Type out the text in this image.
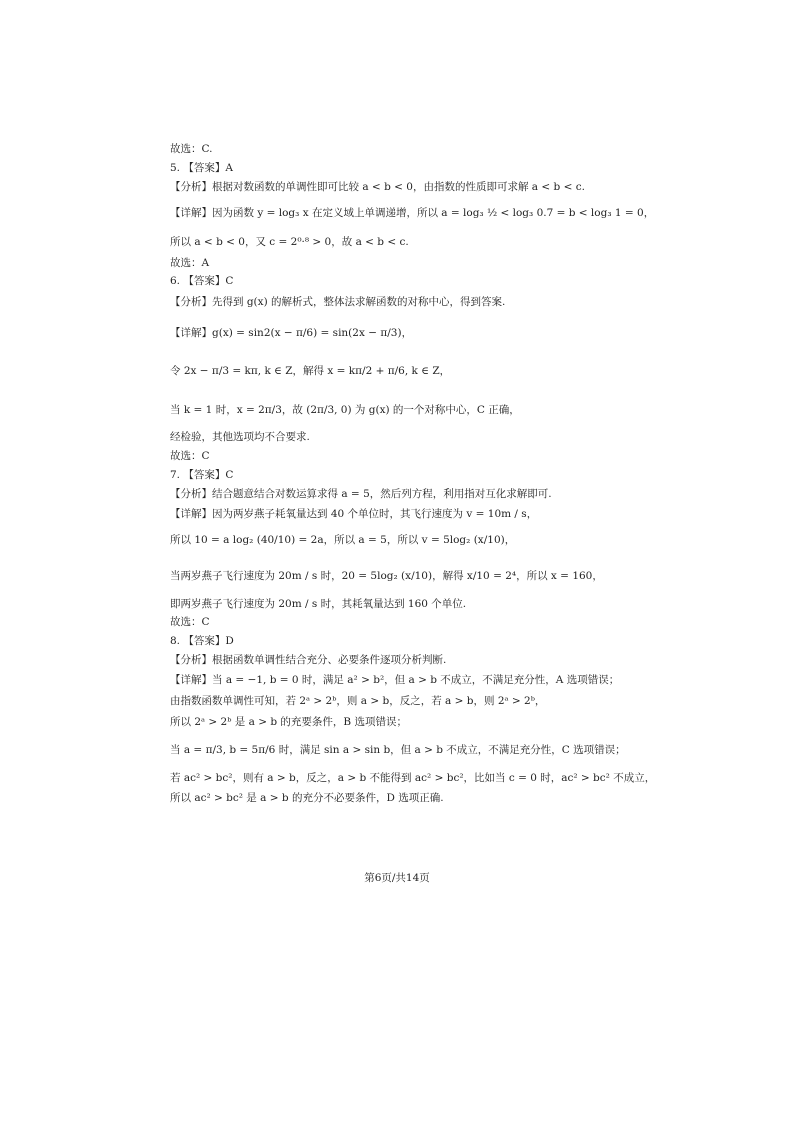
故选：C.
5. 【答案】A
【分析】根据对数函数的单调性即可比较 a < b < 0，由指数的性质即可求解 a < b < c.
【详解】因为函数 y = log₃ x 在定义域上单调递增，所以 a = log₃ ½ < log₃ 0.7 = b < log₃ 1 = 0，
所以 a < b < 0，又 c = 2⁰·⁸ > 0，故 a < b < c.
故选：A
6. 【答案】C
【分析】先得到 g(x) 的解析式，整体法求解函数的对称中心，得到答案.
【详解】g(x) = sin2(x − π/6) = sin(2x − π/3)，
令 2x − π/3 = kπ, k ∈ Z，解得 x = kπ/2 + π/6, k ∈ Z，
当 k = 1 时，x = 2π/3，故 (2π/3, 0) 为 g(x) 的一个对称中心，C 正确，
经检验，其他选项均不合要求.
故选：C
7. 【答案】C
【分析】结合题意结合对数运算求得 a = 5，然后列方程，利用指对互化求解即可.
【详解】因为两岁燕子耗氧量达到 40 个单位时，其飞行速度为 v = 10m / s，
所以 10 = a log₂ (40/10) = 2a，所以 a = 5，所以 v = 5log₂ (x/10)，
当两岁燕子飞行速度为 20m / s 时，20 = 5log₂ (x/10)，解得 x/10 = 2⁴，所以 x = 160，
即两岁燕子飞行速度为 20m / s 时，其耗氧量达到 160 个单位.
故选：C
8. 【答案】D
【分析】根据函数单调性结合充分、必要条件逐项分析判断.
【详解】当 a = −1, b = 0 时，满足 a² > b²，但 a > b 不成立，不满足充分性，A 选项错误；
由指数函数单调性可知，若 2ᵃ > 2ᵇ，则 a > b，反之，若 a > b，则 2ᵃ > 2ᵇ，
所以 2ᵃ > 2ᵇ 是 a > b 的充要条件，B 选项错误；
当 a = π/3, b = 5π/6 时，满足 sin a > sin b，但 a > b 不成立，不满足充分性，C 选项错误；
若 ac² > bc²，则有 a > b，反之，a > b 不能得到 ac² > bc²，比如当 c = 0 时，ac² > bc² 不成立，
所以 ac² > bc² 是 a > b 的充分不必要条件，D 选项正确.
第6页/共14页
